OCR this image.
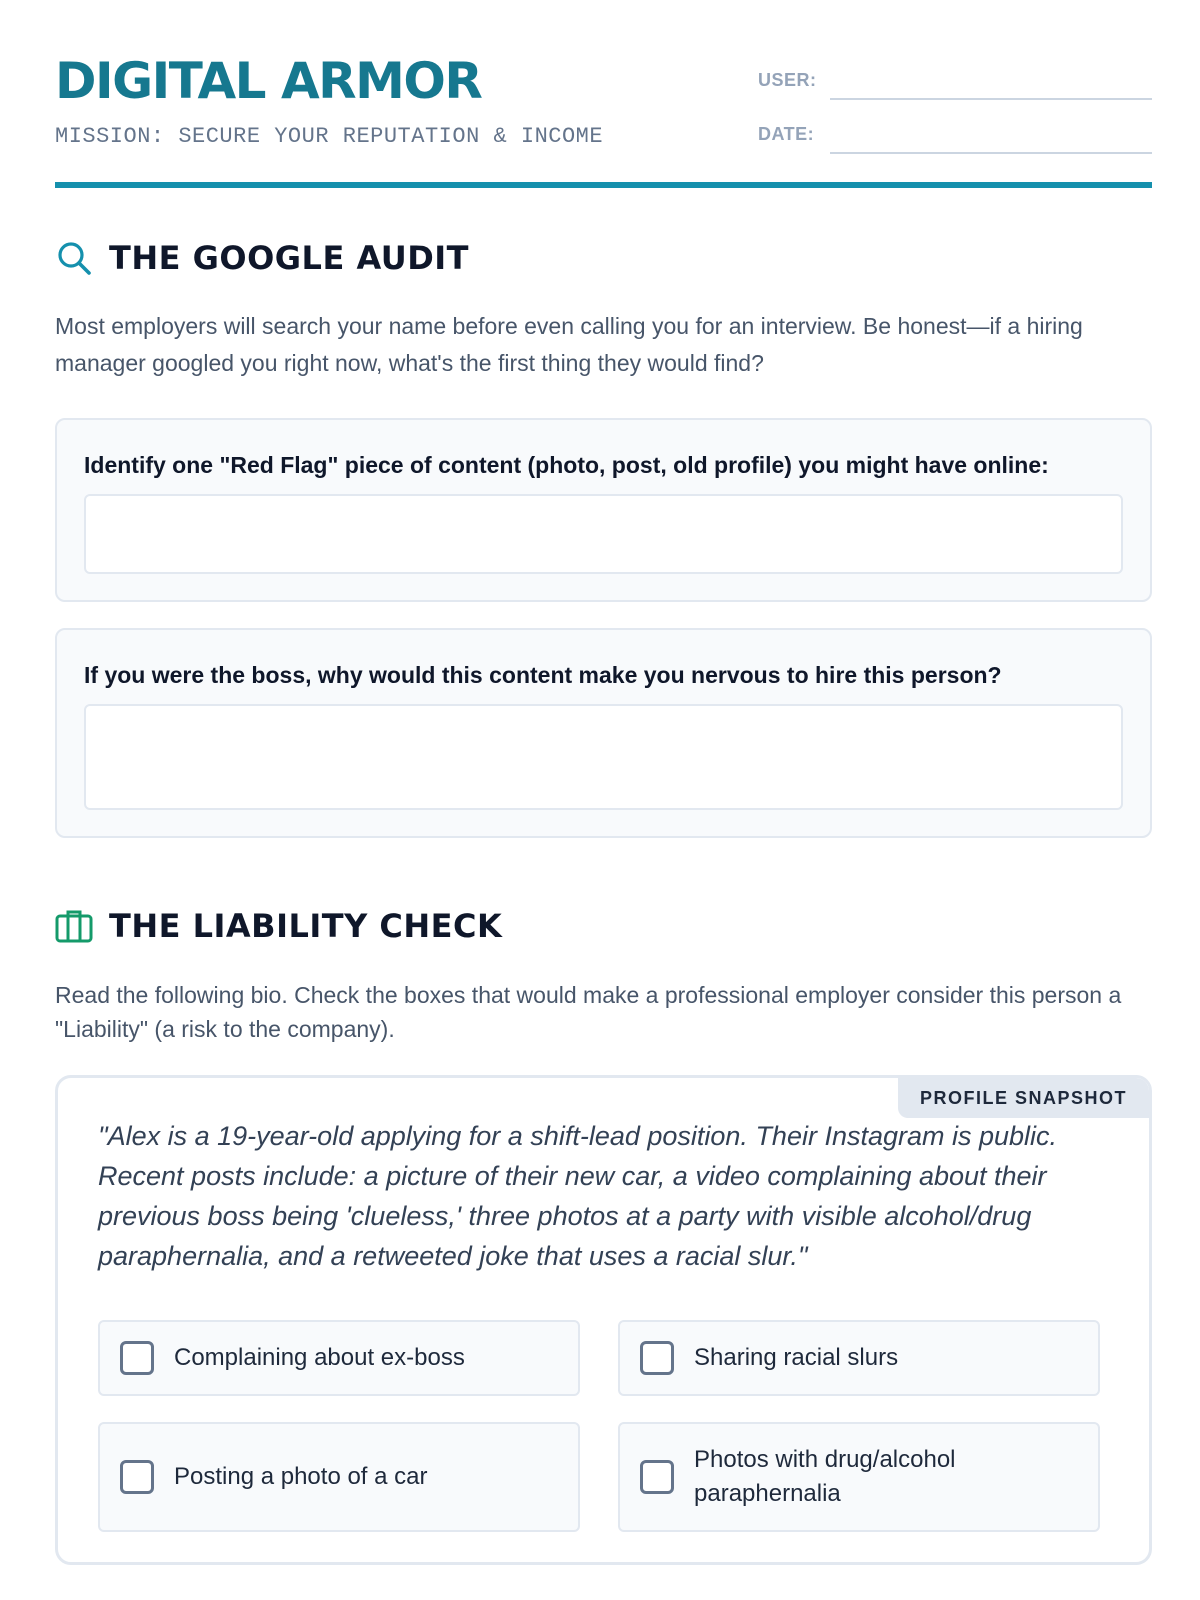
DIGITAL ARMOR
MISSION: SECURE YOUR REPUTATION & INCOME
USER:
DATE:
THE GOOGLE AUDIT
Most employers will search your name before even calling you for an interview. Be honest—if a hiring manager googled you right now, what's the first thing they would find?
Identify one "Red Flag" piece of content (photo, post, old profile) you might have online:
If you were the boss, why would this content make you nervous to hire this person?
THE LIABILITY CHECK
Read the following bio. Check the boxes that would make a professional employer consider this person a "Liability" (a risk to the company).
PROFILE SNAPSHOT
"Alex is a 19-year-old applying for a shift-lead position. Their Instagram is public. Recent posts include: a picture of their new car, a video complaining about their previous boss being 'clueless,' three photos at a party with visible alcohol/drug paraphernalia, and a retweeted joke that uses a racial slur."
Complaining about ex-boss	Sharing racial slurs
Posting a photo of a car
Photos with drug/alcohol paraphernalia
